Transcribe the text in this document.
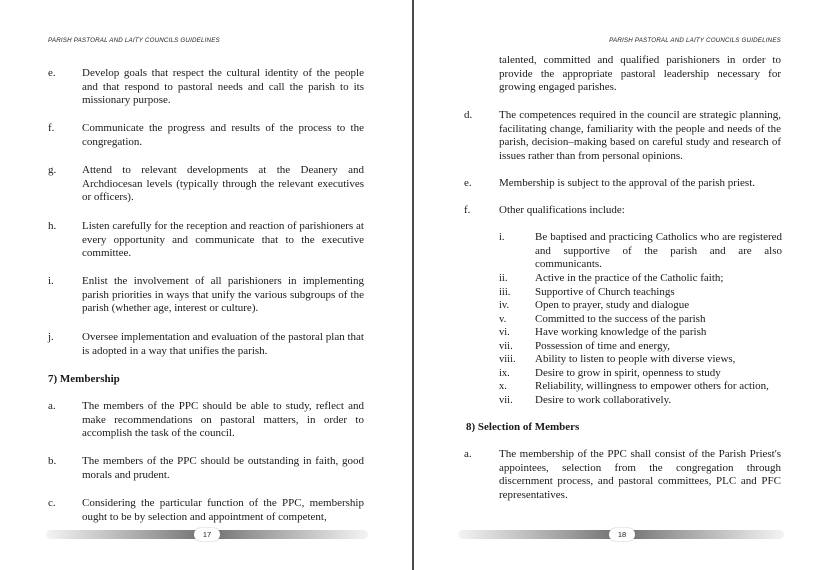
PARISH PASTORAL AND LAITY COUNCILS GUIDELINES
e. Develop goals that respect the cultural identity of the people and that respond to pastoral needs and call the parish to its missionary purpose.
f.	Communicate the progress and results of the process to the congregation.
g. Attend to relevant developments at the Deanery and Archdiocesan levels (typically through the relevant executives or officers).
h. Listen carefully for the reception and reaction of parishioners at every opportunity and communicate that to the executive committee.
i.	Enlist the involvement of all parishioners in implementing parish priorities in ways that unify the various subgroups of the parish (whether age, interest or culture).
j.	Oversee implementation and evaluation of the pastoral plan that is adopted in a way that unifies the parish.
7) Membership
a. The members of the PPC should be able to study, reflect and make recommendations on pastoral matters, in order to accomplish the task of the council.
b. The members of the PPC should be outstanding in faith, good morals and prudent.
c. Considering the particular function of the PPC, membership ought to be by selection and appointment of competent,
17
PARISH PASTORAL AND LAITY COUNCILS GUIDELINES
talented, committed and qualified parishioners in order to provide the appropriate pastoral leadership necessary for growing engaged parishes.
d. The competences required in the council are strategic planning, facilitating change, familiarity with the people and needs of the parish, decision–making based on careful study and research of issues rather than from personal opinions.
e. Membership is subject to the approval of the parish priest.
f.	Other qualifications include:
i.	Be baptised and practicing Catholics who are registered and supportive of the parish and are also communicants.
ii.	Active in the practice of the Catholic faith;
iii. Supportive of Church teachings
iv. Open to prayer, study and dialogue
v.	Committed to the success of the parish
vi. Have working knowledge of the parish
vii. Possession of time and energy,
viii. Ability to listen to people with diverse views,
ix. Desire to grow in spirit, openness to study
x.	Reliability, willingness to empower others for action,
vii. Desire to work collaboratively.
8) Selection of Members
a. The membership of the PPC shall consist of the Parish Priest's appointees, selection from the congregation through discernment process, and pastoral committees, PLC and PFC representatives.
18
